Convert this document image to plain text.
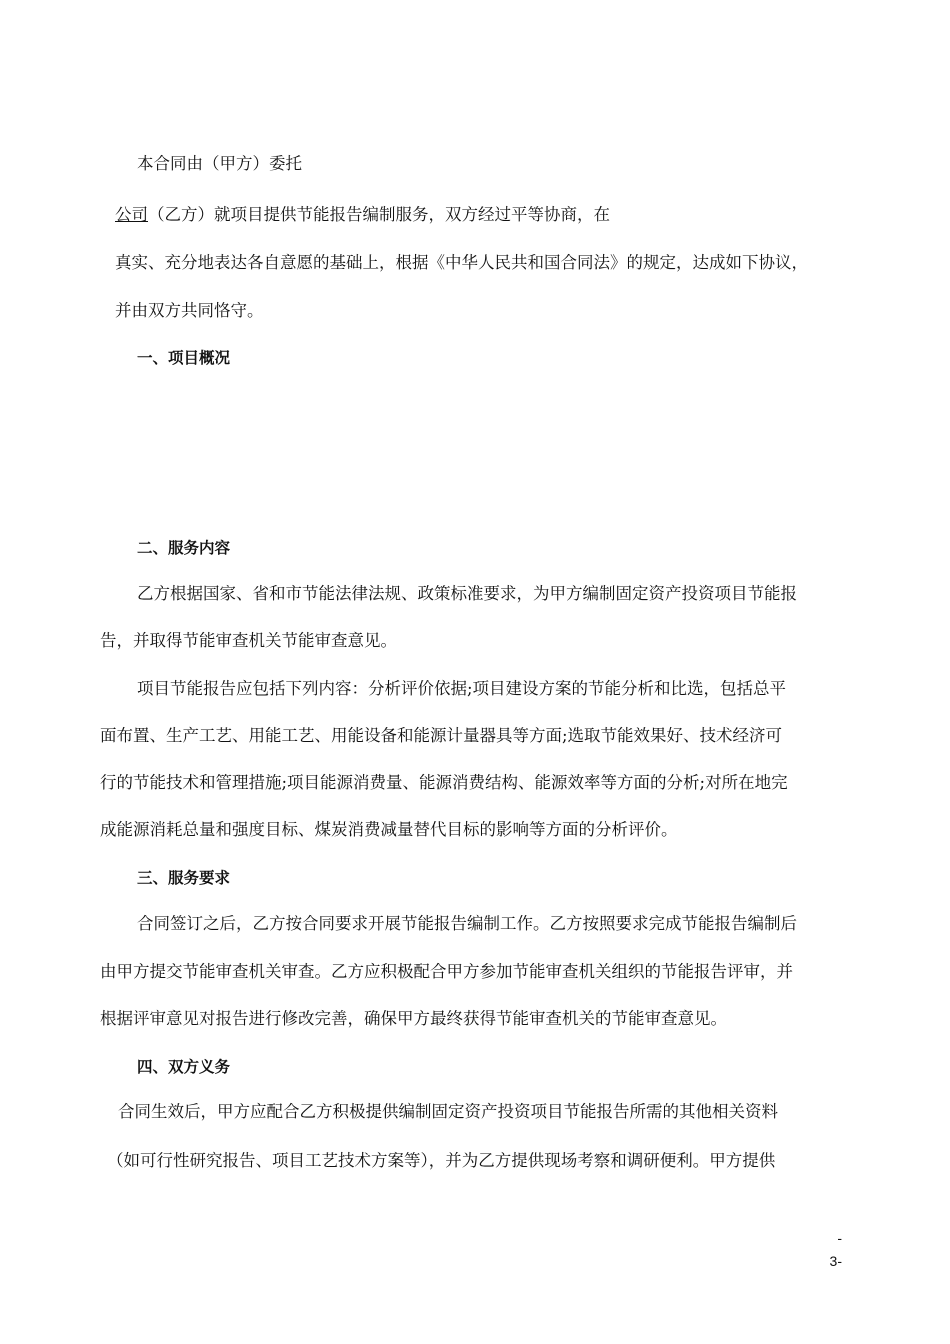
本合同由（甲方）委托
公司（乙方）就项目提供节能报告编制服务，双方经过平等协商，在
真实、充分地表达各自意愿的基础上，根据《中华人民共和国合同法》的规定，达成如下协议，
并由双方共同恪守。
一、项目概况
二、服务内容
乙方根据国家、省和市节能法律法规、政策标准要求，为甲方编制固定资产投资项目节能报
告，并取得节能审查机关节能审查意见。
项目节能报告应包括下列内容：分析评价依据;项目建设方案的节能分析和比选，包括总平
面布置、生产工艺、用能工艺、用能设备和能源计量器具等方面;选取节能效果好、技术经济可
行的节能技术和管理措施;项目能源消费量、能源消费结构、能源效率等方面的分析;对所在地完
成能源消耗总量和强度目标、煤炭消费减量替代目标的影响等方面的分析评价。
三、服务要求
合同签订之后，乙方按合同要求开展节能报告编制工作。乙方按照要求完成节能报告编制后
由甲方提交节能审查机关审查。乙方应积极配合甲方参加节能审查机关组织的节能报告评审，并
根据评审意见对报告进行修改完善，确保甲方最终获得节能审查机关的节能审查意见。
四、双方义务
合同生效后，甲方应配合乙方积极提供编制固定资产投资项目节能报告所需的其他相关资料
（如可行性研究报告、项目工艺技术方案等），并为乙方提供现场考察和调研便利。甲方提供
-
3-
